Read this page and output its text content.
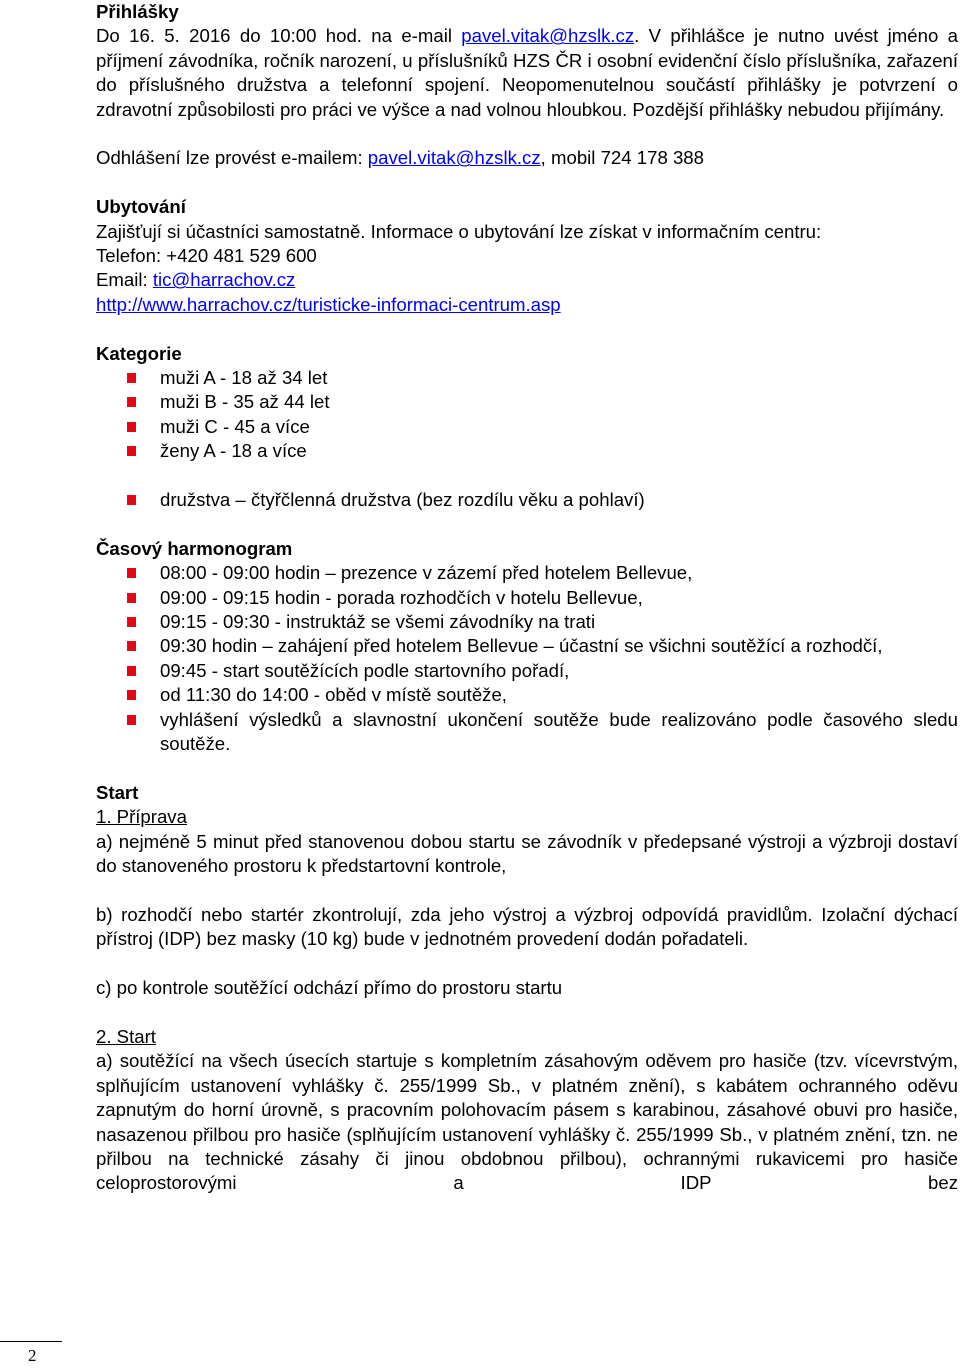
Přihlášky

Do 16. 5. 2016 do 10:00 hod. na e-mail pavel.vitak@hzslk.cz. V přihlášce je nutno uvést jméno a příjmení závodníka, ročník narození, u příslušníků HZS ČR i osobní evidenční číslo příslušníka, zařazení do příslušného družstva a telefonní spojení. Neopomenutelnou součástí přihlášky je potvrzení o zdravotní způsobilosti pro práci ve výšce a nad volnou hloubkou. Pozdější přihlášky nebudou přijímány.

Odhlášení lze provést e-mailem: pavel.vitak@hzslk.cz, mobil 724 178 388

Ubytování

Zajišťují si účastníci samostatně. Informace o ubytování lze získat v informačním centru:

Telefon: +420 481 529 600

Email: tic@harrachov.cz

http://www.harrachov.cz/turisticke-informaci-centrum.asp

Kategorie

muži A - 18 až 34 let
muži B - 35 až 44 let
muži C - 45 a více
ženy A - 18 a více
družstva – čtyřčlenná družstva (bez rozdílu věku a pohlaví)

Časový harmonogram

08:00 - 09:00 hodin – prezence v zázemí před hotelem Bellevue,
09:00 - 09:15 hodin - porada rozhodčích v hotelu Bellevue,
09:15 - 09:30 - instruktáž se všemi závodníky na trati
09:30 hodin – zahájení před hotelem Bellevue – účastní se všichni soutěžící a rozhodčí,
09:45 - start soutěžících podle startovního pořadí,
od 11:30 do 14:00 - oběd v místě soutěže,
vyhlášení výsledků a slavnostní ukončení soutěže bude realizováno podle časového sledu soutěže.

Start

1. Příprava

a) nejméně 5 minut před stanovenou dobou startu se závodník v předepsané výstroji a výzbroji dostaví do stanoveného prostoru k předstartovní kontrole,

b) rozhodčí nebo startér zkontrolují, zda jeho výstroj a výzbroj odpovídá pravidlům. Izolační dýchací přístroj (IDP) bez masky (10 kg) bude v jednotném provedení dodán pořadateli.

c) po kontrole soutěžící odchází přímo do prostoru startu

2. Start

a) soutěžící na všech úsecích startuje s kompletním zásahovým oděvem pro hasiče (tzv. vícevrstvým, splňujícím ustanovení vyhlášky č. 255/1999 Sb., v platném znění), s kabátem ochranného oděvu zapnutým do horní úrovně, s pracovním polohovacím pásem s karabinou, zásahové obuvi pro hasiče, nasazenou přilbou pro hasiče (splňujícím ustanovení vyhlášky č. 255/1999 Sb., v platném znění, tzn. ne přilbou na technické zásahy či jinou obdobnou přilbou), ochrannými rukavicemi pro hasiče celoprostorovými a IDP bez

2
